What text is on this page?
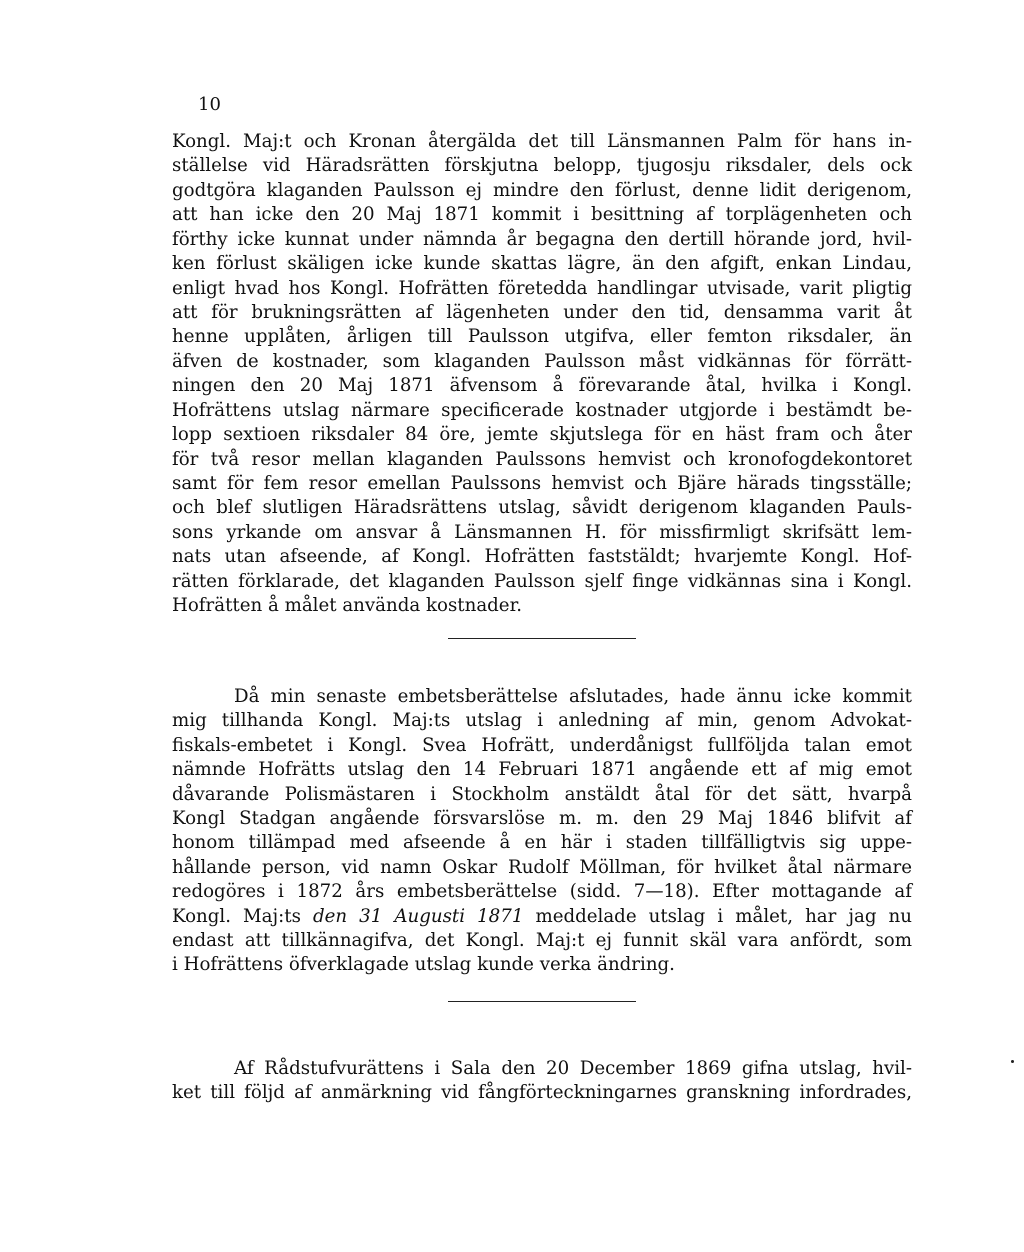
10
Kongl. Maj:t och Kronan återgälda det till Länsmannen Palm för hans in-
ställelse vid Häradsrätten förskjutna belopp, tjugosju riksdaler, dels ock
godtgöra klaganden Paulsson ej mindre den förlust, denne lidit derigenom,
att han icke den 20 Maj 1871 kommit i besittning af torplägenheten och
förthy icke kunnat under nämnda år begagna den dertill hörande jord, hvil-
ken förlust skäligen icke kunde skattas lägre, än den afgift, enkan Lindau,
enligt hvad hos Kongl. Hofrätten företedda handlingar utvisade, varit pligtig
att för brukningsrätten af lägenheten under den tid, densamma varit åt
henne upplåten, årligen till Paulsson utgifva, eller femton riksdaler, än
äfven de kostnader, som klaganden Paulsson måst vidkännas för förrätt-
ningen den 20 Maj 1871 äfvensom å förevarande åtal, hvilka i Kongl.
Hofrättens utslag närmare specificerade kostnader utgjorde i bestämdt be-
lopp sextioen riksdaler 84 öre, jemte skjutslega för en häst fram och åter
för två resor mellan klaganden Paulssons hemvist och kronofogdekontoret
samt för fem resor emellan Paulssons hemvist och Bjäre härads tingsställe;
och blef slutligen Häradsrättens utslag, såvidt derigenom klaganden Pauls-
sons yrkande om ansvar å Länsmannen H. för missfirmligt skrifsätt lem-
nats utan afseende, af Kongl. Hofrätten faststäldt; hvarjemte Kongl. Hof-
rätten förklarade, det klaganden Paulsson sjelf finge vidkännas sina i Kongl.
Hofrätten å målet använda kostnader.
Då min senaste embetsberättelse afslutades, hade ännu icke kommit
mig tillhanda Kongl. Maj:ts utslag i anledning af min, genom Advokat-
fiskals-embetet i Kongl. Svea Hofrätt, underdånigst fullföljda talan emot
nämnde Hofrätts utslag den 14 Februari 1871 angående ett af mig emot
dåvarande Polismästaren i Stockholm anstäldt åtal för det sätt, hvarpå
Kongl Stadgan angående försvarslöse m. m. den 29 Maj 1846 blifvit af
honom tillämpad med afseende å en här i staden tillfälligtvis sig uppe-
hållande person, vid namn Oskar Rudolf Möllman, för hvilket åtal närmare
redogöres i 1872 års embetsberättelse (sidd. 7—18). Efter mottagande af
Kongl. Maj:ts den 31 Augusti 1871 meddelade utslag i målet, har jag nu
endast att tillkännagifva, det Kongl. Maj:t ej funnit skäl vara anfördt, som
i Hofrättens öfverklagade utslag kunde verka ändring.
Af Rådstufvurättens i Sala den 20 December 1869 gifna utslag, hvil-
ket till följd af anmärkning vid fångförteckningarnes granskning infordrades,
